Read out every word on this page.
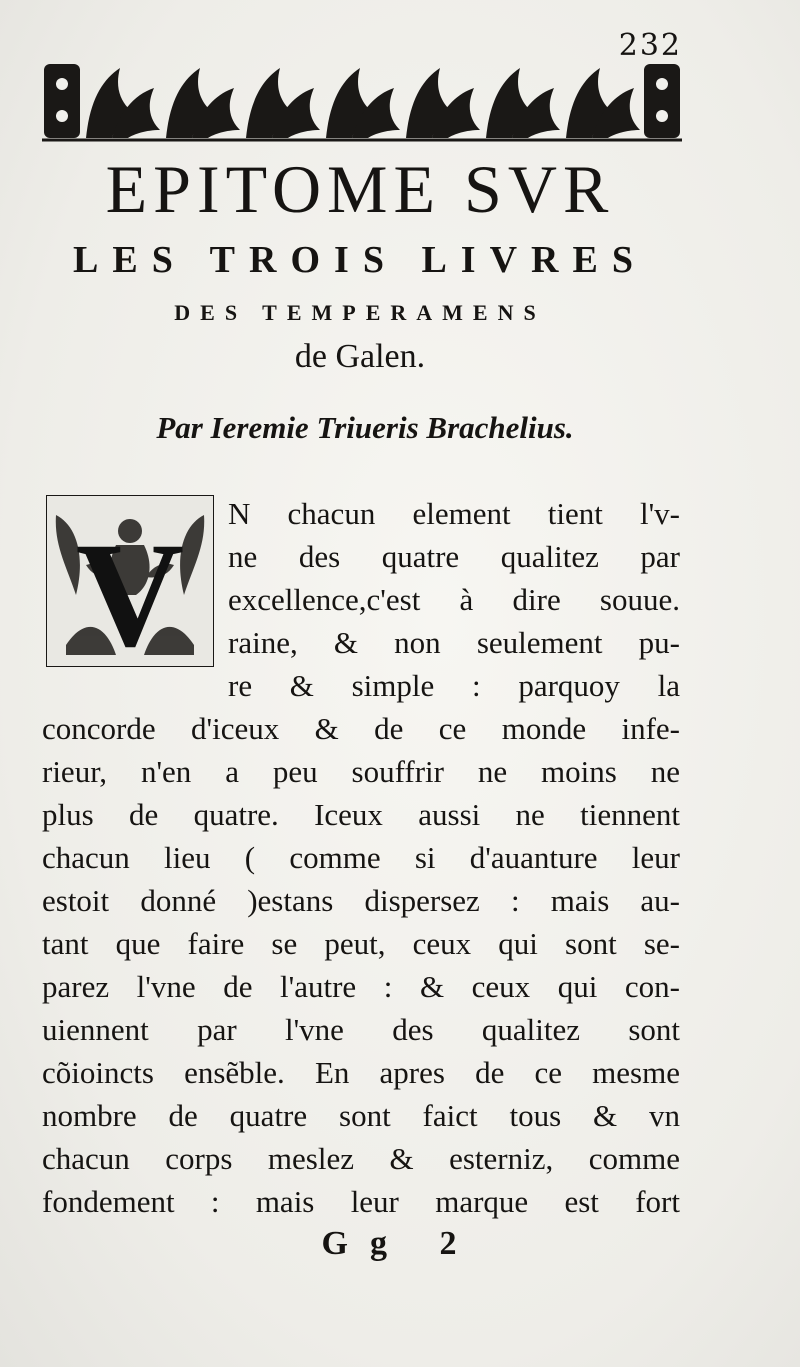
232
EPITOME SVR
LES TROIS LIVRES
DES TEMPERAMENS
de Galen.
Par Ieremie Triueris Brachelius.
V N chacun element tient l'v-
ne des quatre qualitez par
excellence,c'est à dire souue.
raine, & non seulement pu-
re & simple : parquoy la
concorde d'iceux & de ce monde infe-
rieur, n'en a peu souffrir ne moins ne
plus de quatre. Iceux aussi ne tiennent
chacun lieu ( comme si d'auanture leur
estoit donné )estans dispersez : mais au-
tant que faire se peut, ceux qui sont se-
parez l'vne de l'autre : & ceux qui con-
uiennent par l'vne des qualitez sont
cõioincts ensẽble. En apres de ce mesme
nombre de quatre sont faict tous & vn
chacun corps meslez & esterniz, comme
fondement : mais leur marque est fort
Gg 2
